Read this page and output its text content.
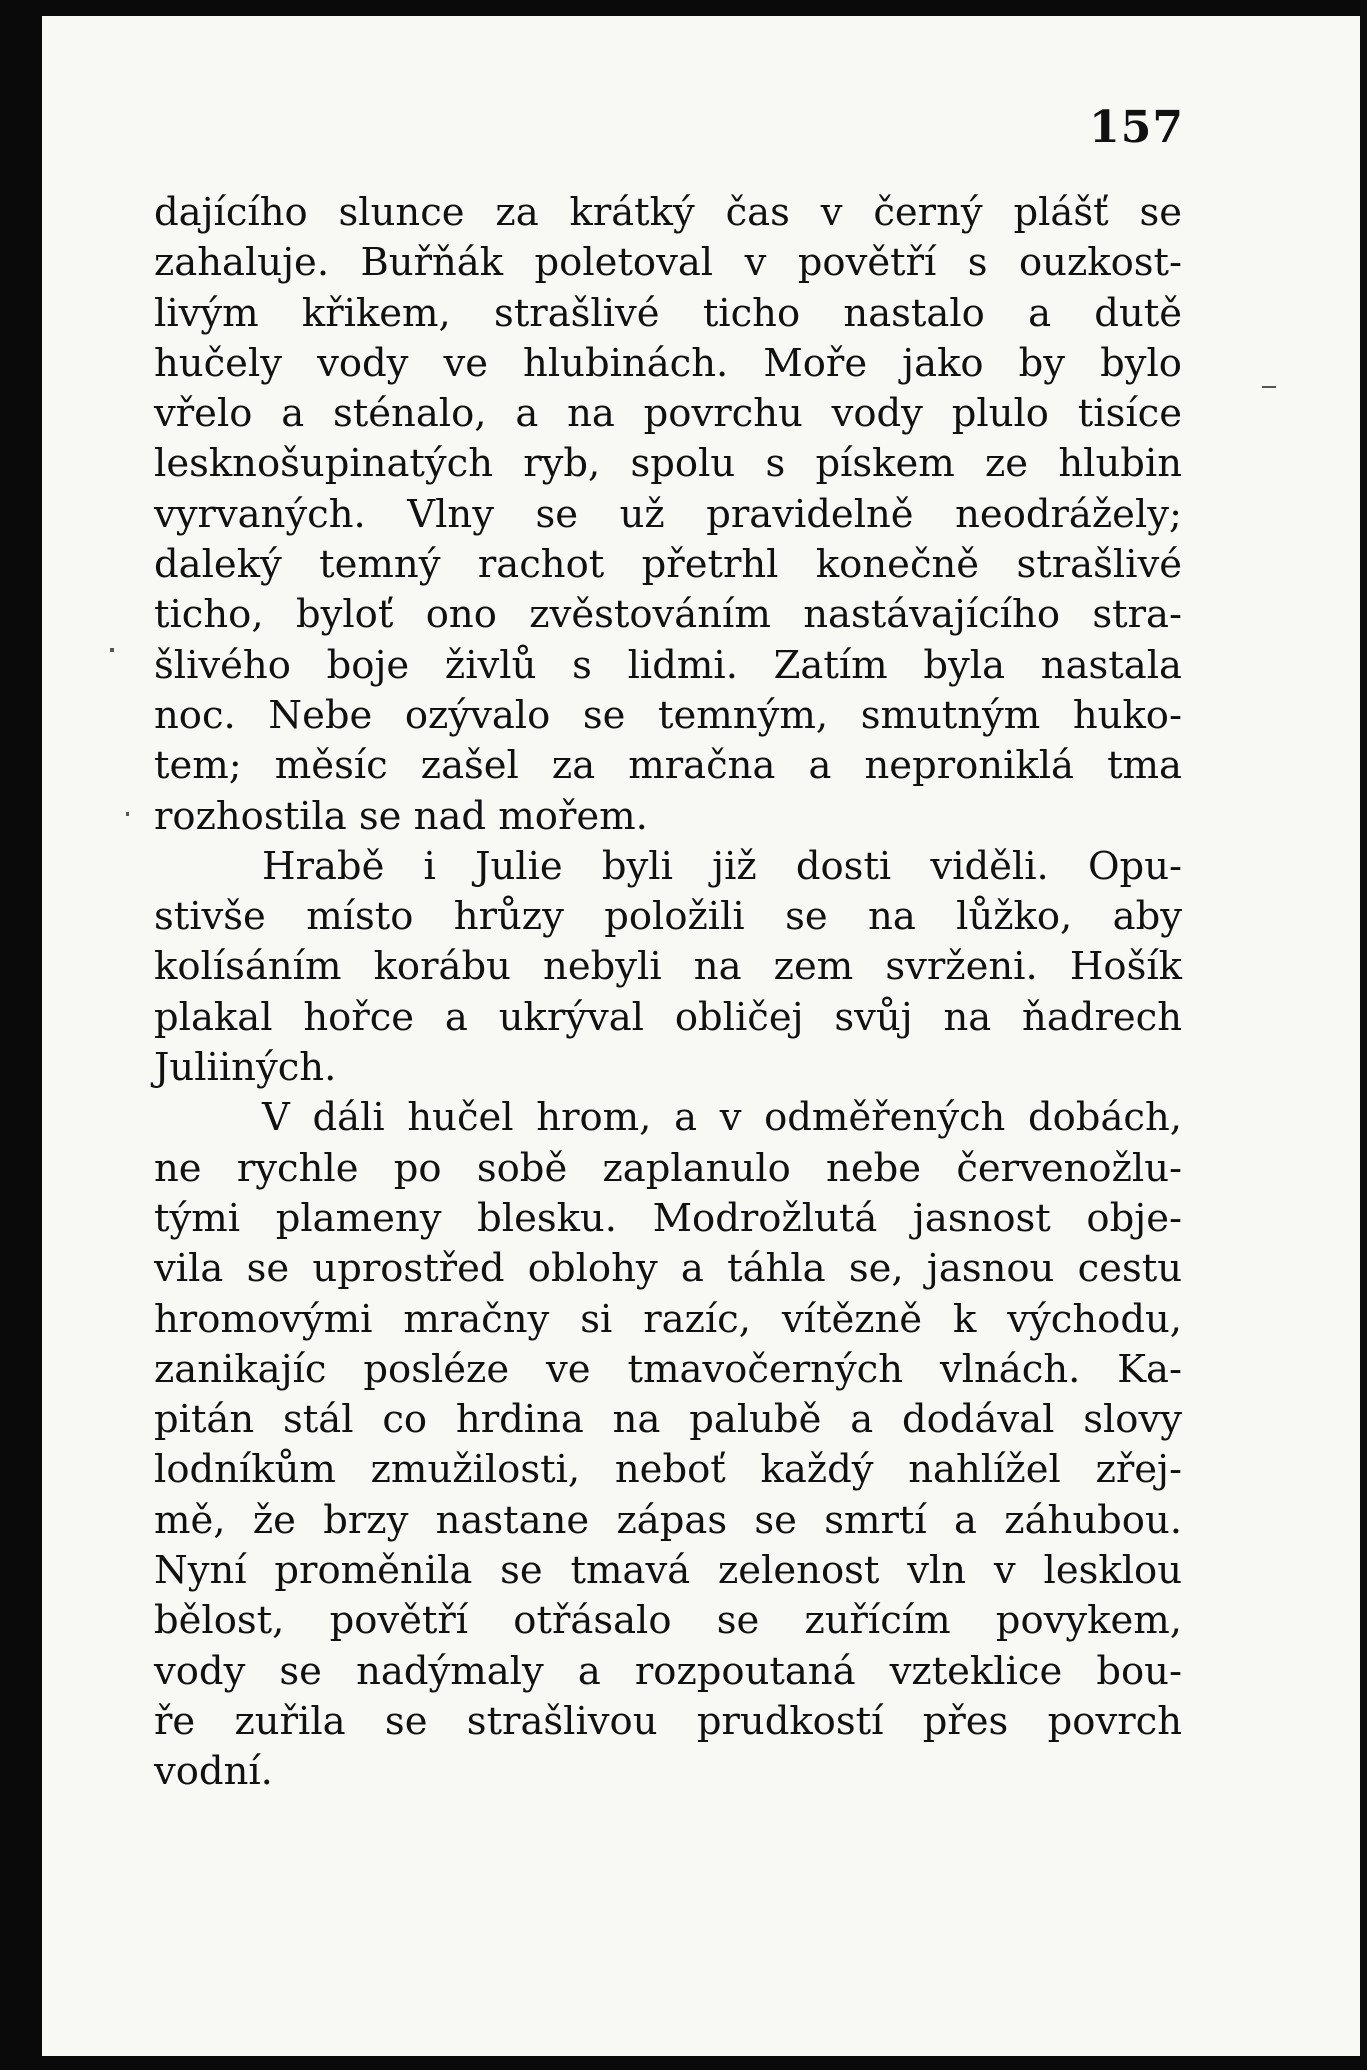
157
dajícího slunce za krátký čas v černý plášť se
zahaluje. Buřňák poletoval v povětří s ouzkost-
livým křikem, strašlivé ticho nastalo a dutě
hučely vody ve hlubinách. Moře jako by bylo
vřelo a sténalo, a na povrchu vody plulo tisíce
lesknošupinatých ryb, spolu s pískem ze hlubin
vyrvaných. Vlny se už pravidelně neodrážely;
daleký temný rachot přetrhl konečně strašlivé
ticho, byloť ono zvěstováním nastávajícího stra-
šlivého boje živlů s lidmi. Zatím byla nastala
noc. Nebe ozývalo se temným, smutným huko-
tem; měsíc zašel za mračna a neproniklá tma
rozhostila se nad mořem.
Hrabě i Julie byli již dosti viděli. Opu-
stivše místo hrůzy položili se na lůžko, aby
kolísáním korábu nebyli na zem svrženi. Hošík
plakal hořce a ukrýval obličej svůj na ňadrech
Juliiných.
V dáli hučel hrom, a v odměřených dobách,
ne rychle po sobě zaplanulo nebe červenožlu-
tými plameny blesku. Modrožlutá jasnost obje-
vila se uprostřed oblohy a táhla se, jasnou cestu
hromovými mračny si razíc, vítězně k východu,
zanikajíc posléze ve tmavočerných vlnách. Ka-
pitán stál co hrdina na palubě a dodával slovy
lodníkům zmužilosti, neboť každý nahlížel zřej-
mě, že brzy nastane zápas se smrtí a záhubou.
Nyní proměnila se tmavá zelenost vln v lesklou
bělost, povětří otřásalo se zuřícím povykem,
vody se nadýmaly a rozpoutaná vzteklice bou-
ře zuřila se strašlivou prudkostí přes povrch
vodní.
